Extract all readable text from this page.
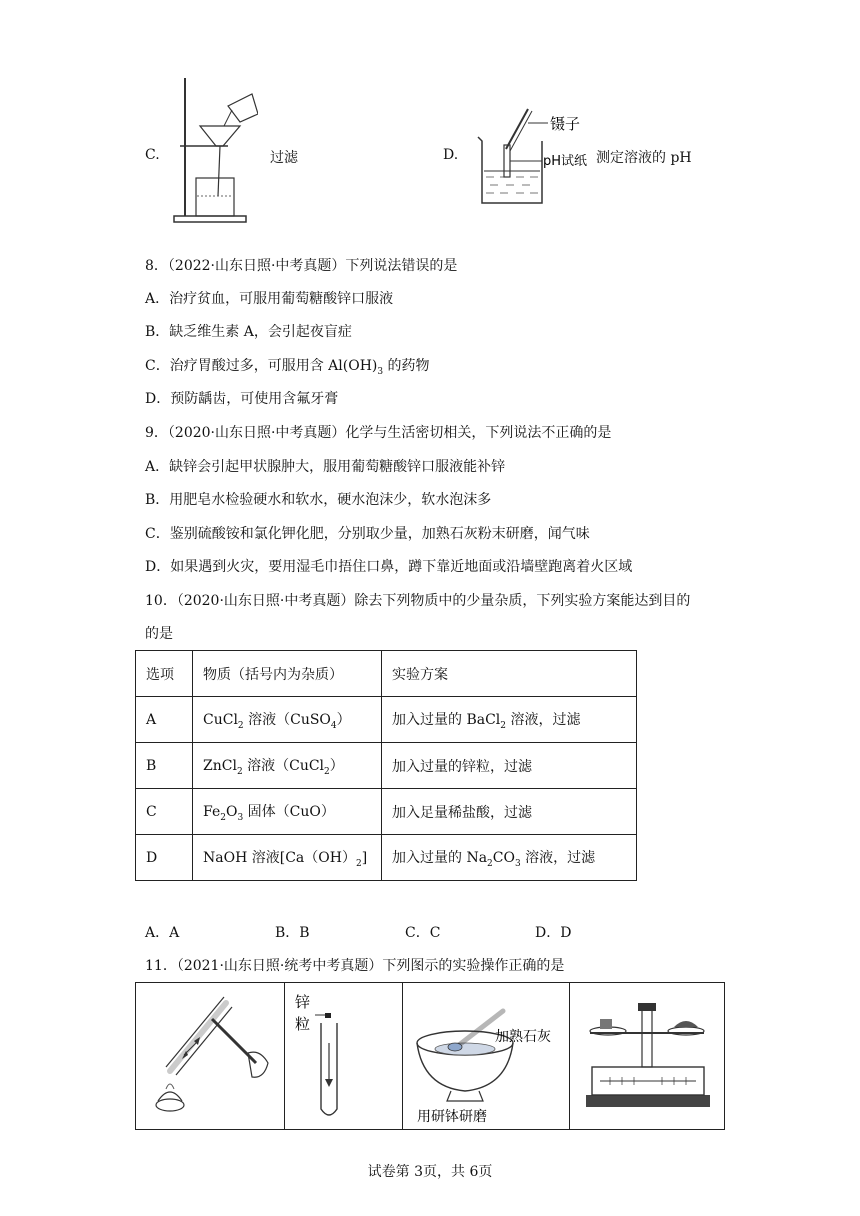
C.	过滤	D.
镊子
pH试纸 测定溶液的 pH
8．（2022·山东日照·中考真题）下列说法错误的是
A．治疗贫血，可服用葡萄糖酸锌口服液
B．缺乏维生素 A，会引起夜盲症
C．治疗胃酸过多，可服用含 $Al(OH)_3$ 的药物
D．预防龋齿，可使用含氟牙膏
9．（2020·山东日照·中考真题）化学与生活密切相关，下列说法不正确的是
A．缺锌会引起甲状腺肿大，服用葡萄糖酸锌口服液能补锌
B．用肥皂水检验硬水和软水，硬水泡沫少，软水泡沫多
C．鉴别硫酸铵和氯化钾化肥，分别取少量，加熟石灰粉末研磨，闻气味
D．如果遇到火灾，要用湿毛巾捂住口鼻，蹲下靠近地面或沿墙壁跑离着火区域
10．（2020·山东日照·中考真题）除去下列物质中的少量杂质，下列实验方案能达到目的
的是
选项	物质（括号内为杂质）	实验方案
A	CuCl$_2$ 溶液（CuSO$_4$）	加入过量的 BaCl$_2$ 溶液，过滤
B	ZnCl$_2$ 溶液（CuCl$_2$）	加入过量的锌粒，过滤
C	$Fe_2O_3$ 固体（CuO）	加入足量稀盐酸，过滤
D	NaOH 溶液$[Ca(OH)_2]$	加入过量的 $Na_2CO_3$ 溶液，过滤
A．A	B．B	C．C	D．D
11．（2021·山东日照·统考中考真题）下列图示的实验操作正确的是
锌
粒
加熟石灰
用研钵研磨
试卷第 3页，共 6页
